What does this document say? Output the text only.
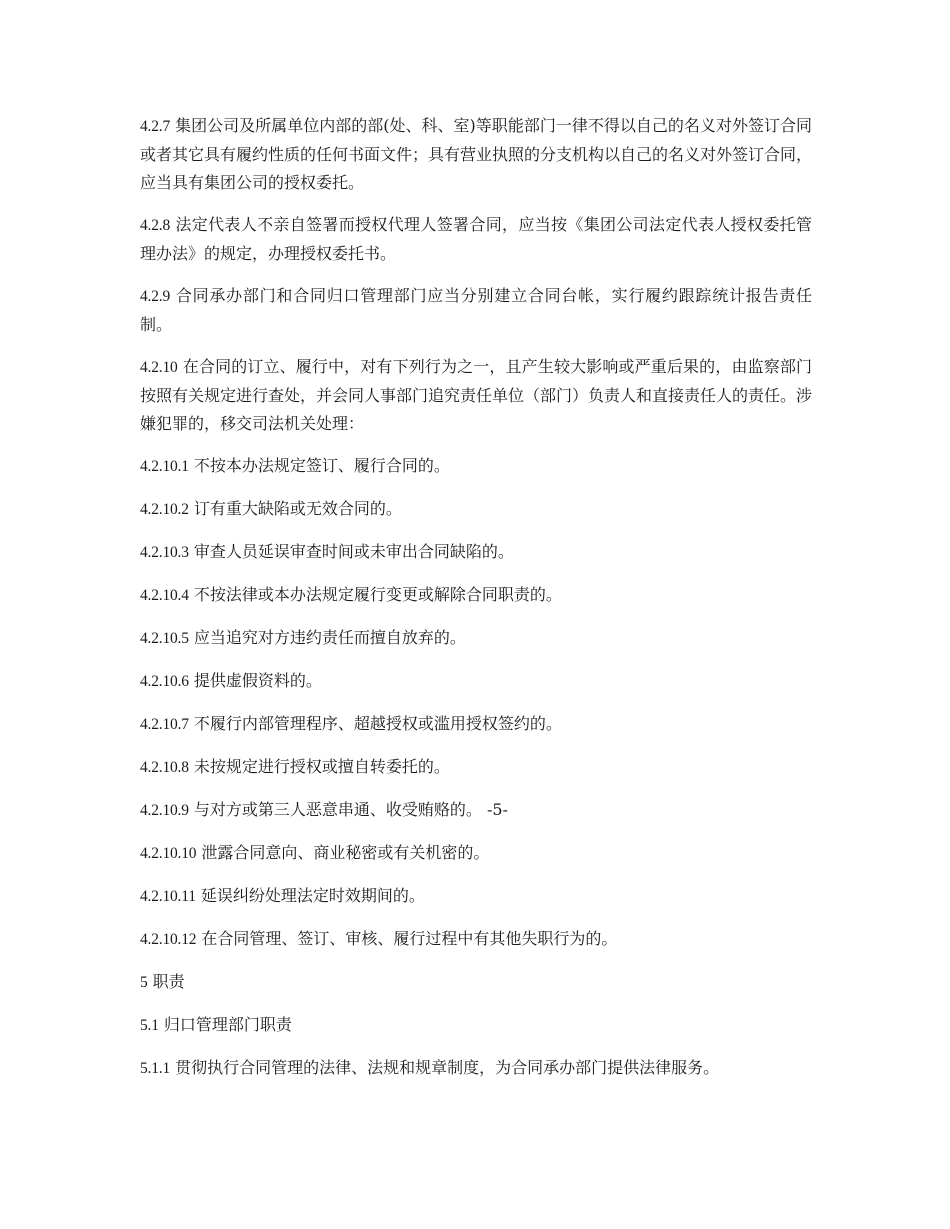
4.2.7 集团公司及所属单位内部的部(处、科、室)等职能部门一律不得以自己的名义对外签订合同或者其它具有履约性质的任何书面文件；具有营业执照的分支机构以自己的名义对外签订合同，应当具有集团公司的授权委托。

4.2.8 法定代表人不亲自签署而授权代理人签署合同，应当按《集团公司法定代表人授权委托管理办法》的规定，办理授权委托书。

4.2.9 合同承办部门和合同归口管理部门应当分别建立合同台帐，实行履约跟踪统计报告责任制。

4.2.10 在合同的订立、履行中，对有下列行为之一，且产生较大影响或严重后果的，由监察部门按照有关规定进行查处，并会同人事部门追究责任单位（部门）负责人和直接责任人的责任。涉嫌犯罪的，移交司法机关处理：

4.2.10.1 不按本办法规定签订、履行合同的。

4.2.10.2 订有重大缺陷或无效合同的。

4.2.10.3 审查人员延误审查时间或未审出合同缺陷的。

4.2.10.4 不按法律或本办法规定履行变更或解除合同职责的。

4.2.10.5 应当追究对方违约责任而擅自放弃的。

4.2.10.6 提供虚假资料的。

4.2.10.7 不履行内部管理程序、超越授权或滥用授权签约的。

4.2.10.8 未按规定进行授权或擅自转委托的。

4.2.10.9 与对方或第三人恶意串通、收受贿赂的。 -5-

4.2.10.10 泄露合同意向、商业秘密或有关机密的。

4.2.10.11 延误纠纷处理法定时效期间的。

4.2.10.12 在合同管理、签订、审核、履行过程中有其他失职行为的。

5 职责

5.1 归口管理部门职责

5.1.1 贯彻执行合同管理的法律、法规和规章制度，为合同承办部门提供法律服务。
